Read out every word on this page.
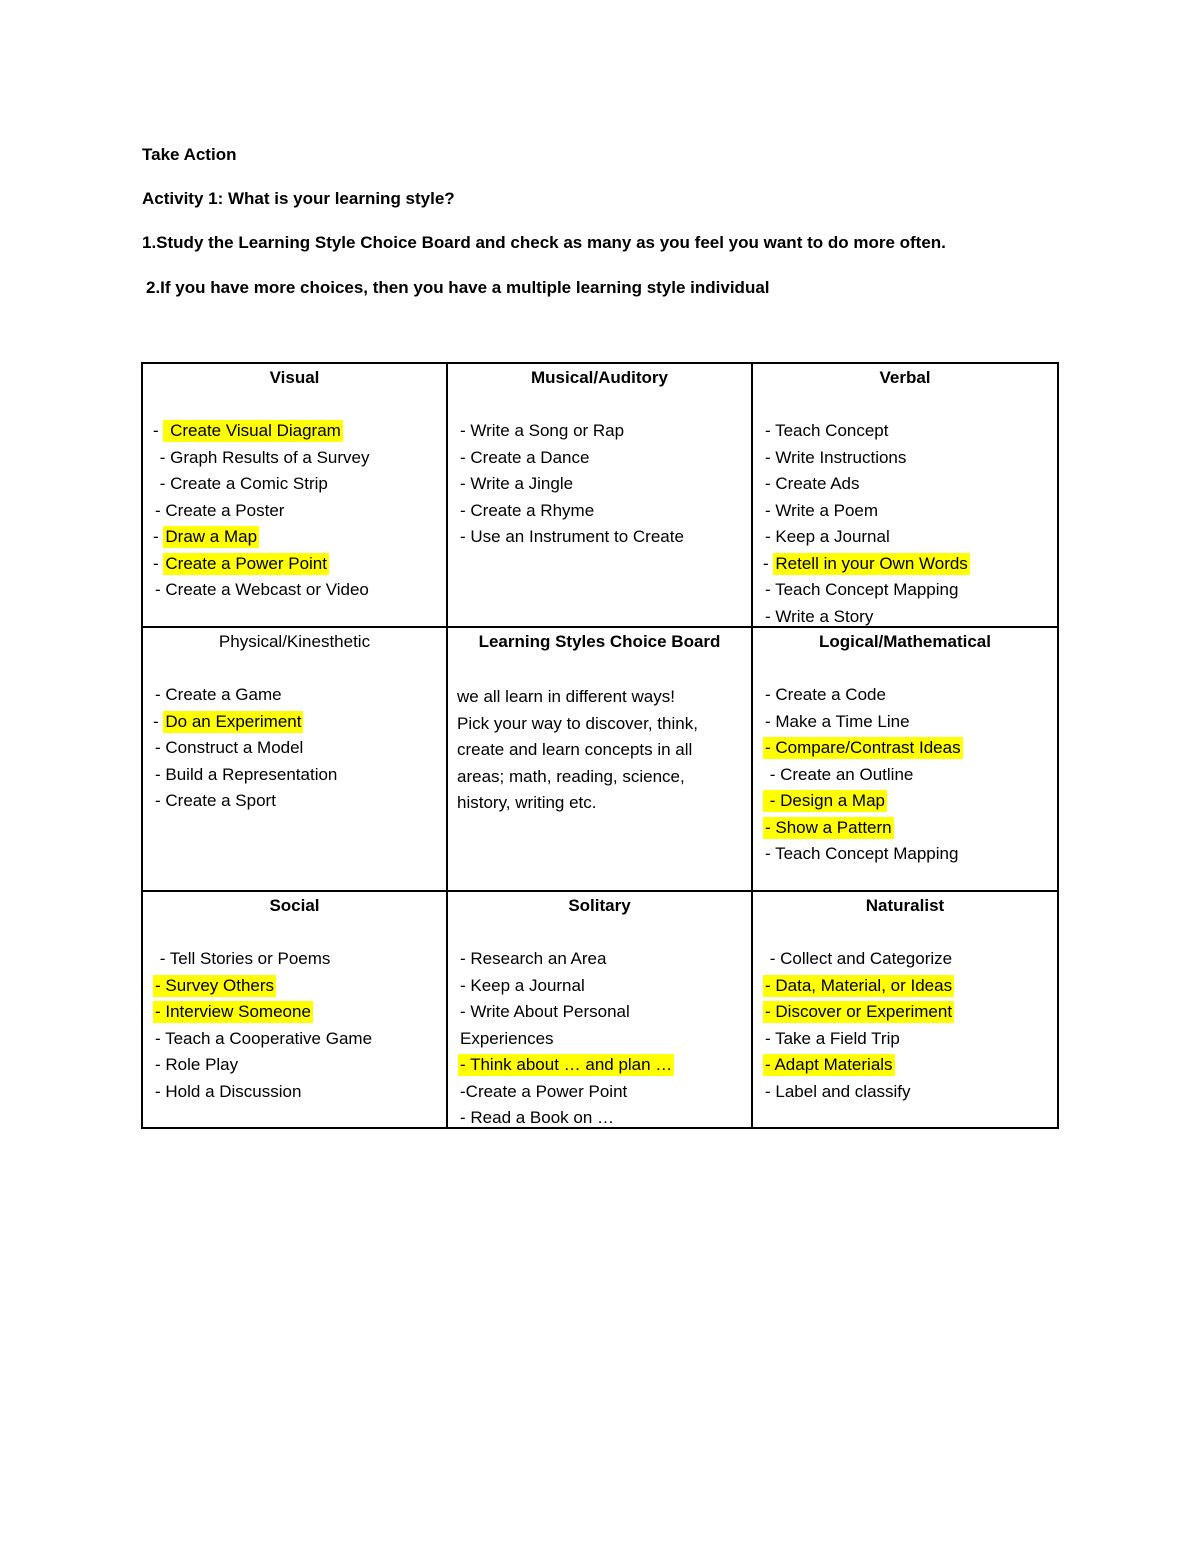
Take Action
Activity 1: What is your learning style?
1.Study the Learning Style Choice Board and check as many as you feel you want to do more often.
2.If you have more choices, then you have a multiple learning style individual
Visual
-  Create Visual Diagram
- Graph Results of a Survey
- Create a Comic Strip
- Create a Poster
- Draw a Map
- Create a Power Point
- Create a Webcast or Video
Musical/Auditory
- Write a Song or Rap
- Create a Dance
- Write a Jingle
- Create a Rhyme
- Use an Instrument to Create
Verbal
- Teach Concept
- Write Instructions
- Create Ads
- Write a Poem
- Keep a Journal
- Retell in your Own Words
- Teach Concept Mapping
- Write a Story
Physical/Kinesthetic
- Create a Game
- Do an Experiment
- Construct a Model
- Build a Representation
- Create a Sport
Learning Styles Choice Board
we all learn in different ways!
Pick your way to discover, think,
create and learn concepts in all
areas; math, reading, science,
history, writing etc.
Logical/Mathematical
- Create a Code
- Make a Time Line
- Compare/Contrast Ideas
- Create an Outline
- Design a Map
- Show a Pattern
- Teach Concept Mapping
Social
- Tell Stories or Poems
- Survey Others
- Interview Someone
- Teach a Cooperative Game
- Role Play
- Hold a Discussion
Solitary
- Research an Area
- Keep a Journal
- Write About Personal
Experiences
- Think about … and plan …
-Create a Power Point
- Read a Book on …
Naturalist
- Collect and Categorize
- Data, Material, or Ideas
- Discover or Experiment
- Take a Field Trip
- Adapt Materials
- Label and classify
